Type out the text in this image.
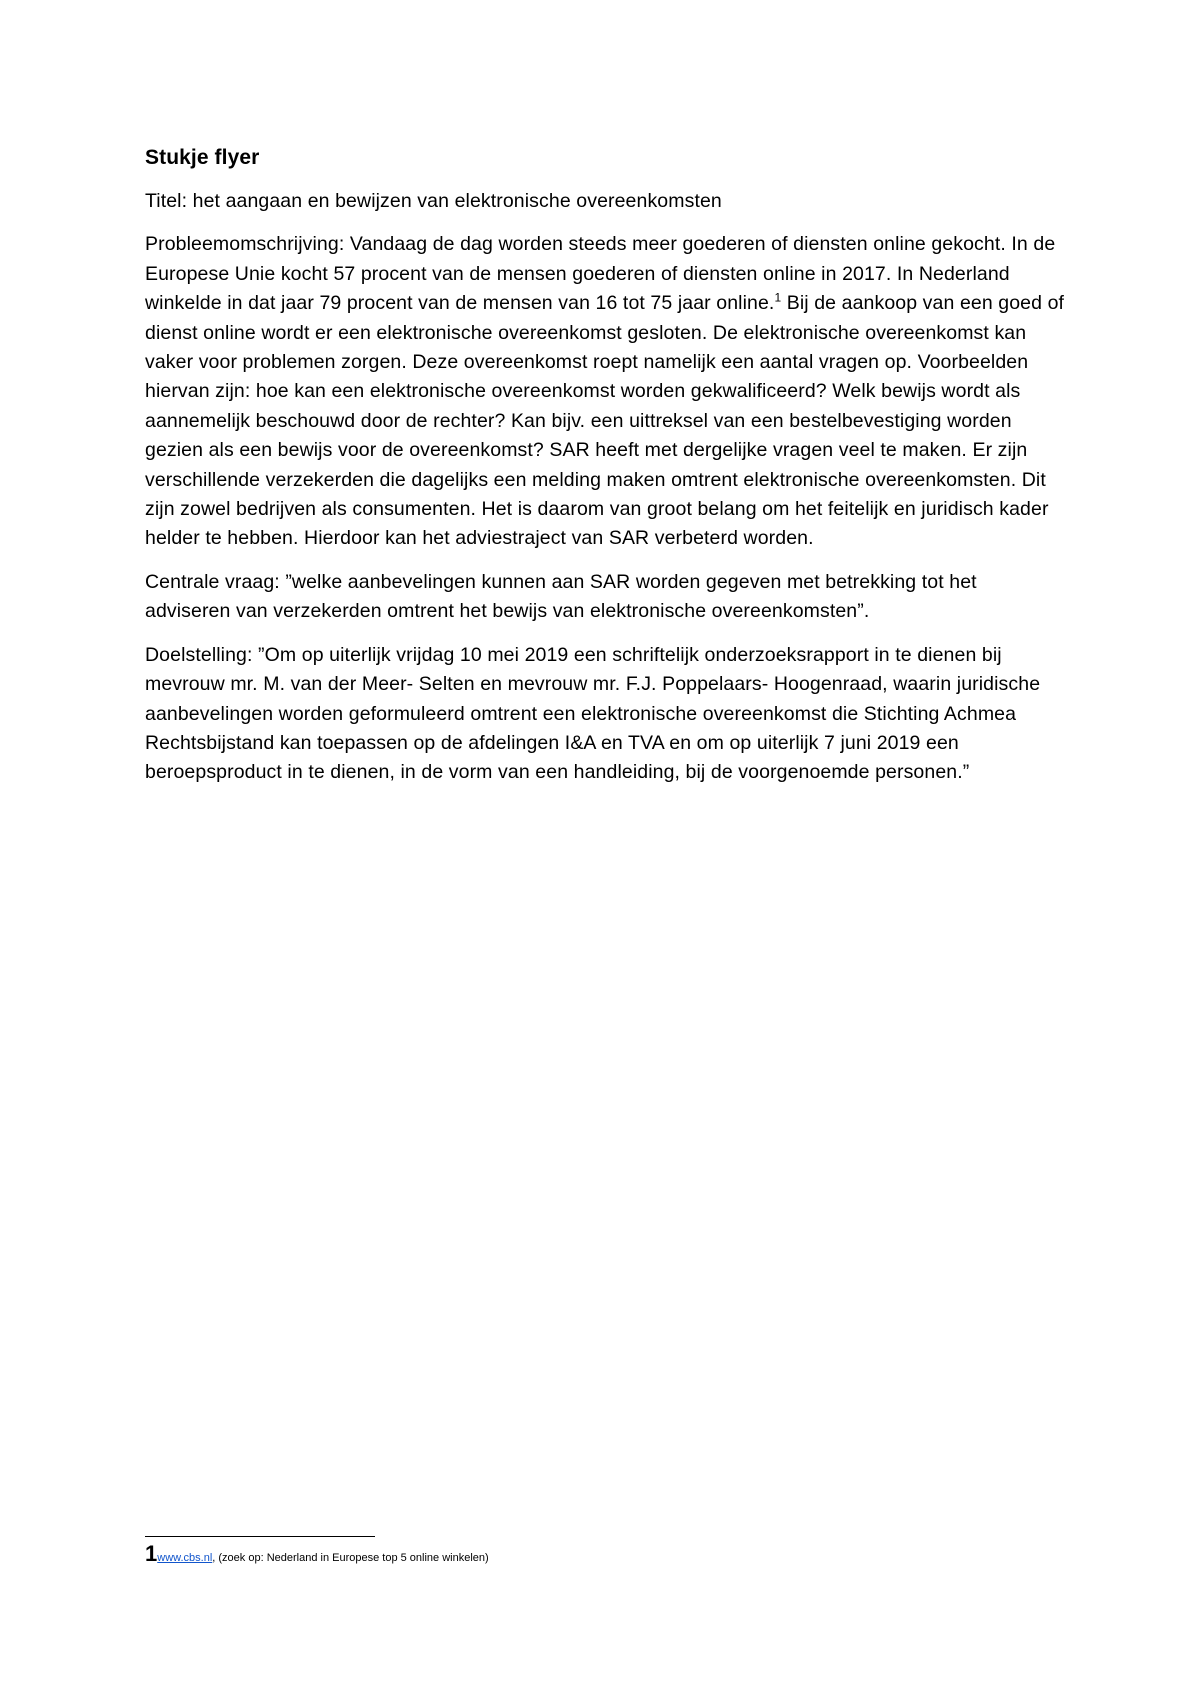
Stukje flyer
Titel: het aangaan en bewijzen van elektronische overeenkomsten
Probleemomschrijving: Vandaag de dag worden steeds meer goederen of diensten online gekocht. In de Europese Unie kocht 57 procent van de mensen goederen of diensten online in 2017. In Nederland winkelde in dat jaar 79 procent van de mensen van 16 tot 75 jaar online.$^1$ Bij de aankoop van een goed of dienst online wordt er een elektronische overeenkomst gesloten. De elektronische overeenkomst kan vaker voor problemen zorgen. Deze overeenkomst roept namelijk een aantal vragen op. Voorbeelden hiervan zijn: hoe kan een elektronische overeenkomst worden gekwalificeerd? Welk bewijs wordt als aannemelijk beschouwd door de rechter? Kan bijv. een uittreksel van een bestelbevestiging worden gezien als een bewijs voor de overeenkomst? SAR heeft met dergelijke vragen veel te maken. Er zijn verschillende verzekerden die dagelijks een melding maken omtrent elektronische overeenkomsten. Dit zijn zowel bedrijven als consumenten. Het is daarom van groot belang om het feitelijk en juridisch kader helder te hebben. Hierdoor kan het adviestraject van SAR verbeterd worden.
Centrale vraag: ”welke aanbevelingen kunnen aan SAR worden gegeven met betrekking tot het adviseren van verzekerden omtrent het bewijs van elektronische overeenkomsten”.
Doelstelling: ”Om op uiterlijk vrijdag 10 mei 2019 een schriftelijk onderzoeksrapport in te dienen bij mevrouw mr. M. van der Meer- Selten en mevrouw mr. F.J. Poppelaars- Hoogenraad, waarin juridische aanbevelingen worden geformuleerd omtrent een elektronische overeenkomst die Stichting Achmea Rechtsbijstand kan toepassen op de afdelingen I&A en TVA en om op uiterlijk 7 juni 2019 een beroepsproduct in te dienen, in de vorm van een handleiding, bij de voorgenoemde personen.”
1www.cbs.nl, (zoek op: Nederland in Europese top 5 online winkelen)
